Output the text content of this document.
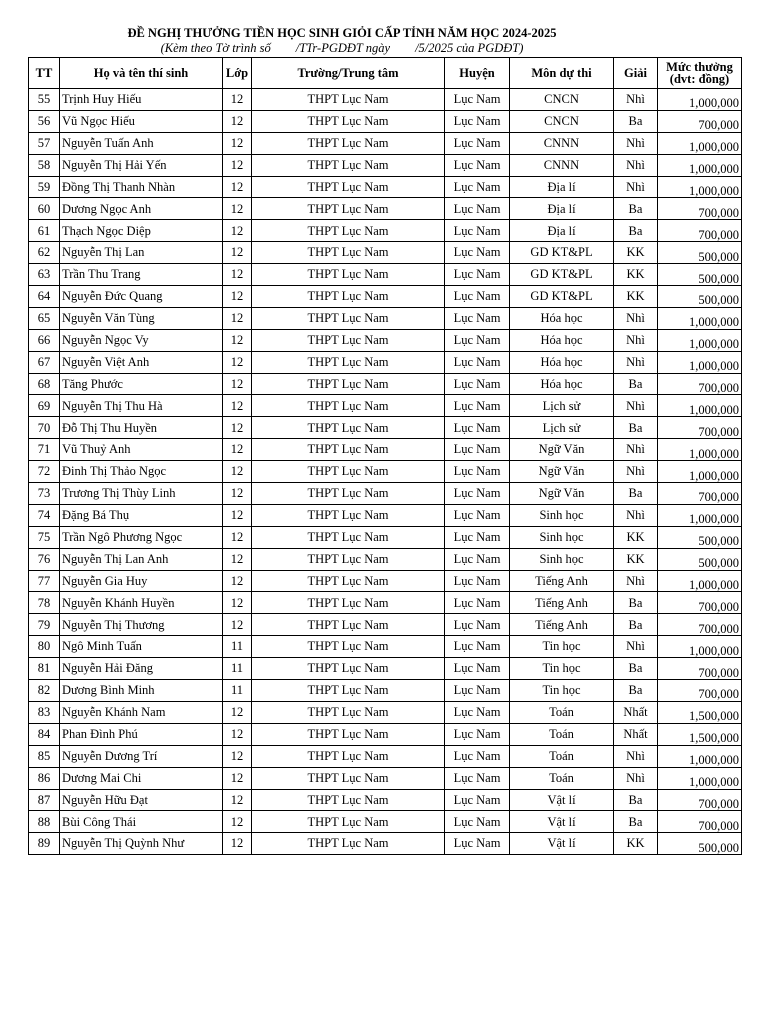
ĐỀ NGHỊ THƯỞNG TIỀN HỌC SINH GIỎI CẤP TỈNH NĂM HỌC 2024-2025
(Kèm theo Tờ trình số        /TTr-PGDĐT ngày        /5/2025 của PGDĐT)
TT	Họ và tên thí sinh	Lớp	Trường/Trung tâm	Huyện	Môn dự thi	Giải	Mức thưởng
(dvt: đồng)

55	Trịnh Huy Hiếu	12	THPT Lục Nam	Lục Nam	CNCN	Nhì	1,000,000
56	Vũ Ngọc Hiếu	12	THPT Lục Nam	Lục Nam	CNCN	Ba	700,000
57	Nguyễn Tuấn Anh	12	THPT Lục Nam	Lục Nam	CNNN	Nhì	1,000,000
58	Nguyễn Thị Hải Yến	12	THPT Lục Nam	Lục Nam	CNNN	Nhì	1,000,000
59	Đồng Thị Thanh Nhàn	12	THPT Lục Nam	Lục Nam	Địa lí	Nhì	1,000,000
60	Dương Ngọc Anh	12	THPT Lục Nam	Lục Nam	Địa lí	Ba	700,000
61	Thạch Ngọc Diệp	12	THPT Lục Nam	Lục Nam	Địa lí	Ba	700,000
62	Nguyễn Thị Lan	12	THPT Lục Nam	Lục Nam	GD KT&PL	KK	500,000
63	Trần Thu Trang	12	THPT Lục Nam	Lục Nam	GD KT&PL	KK	500,000
64	Nguyễn Đức Quang	12	THPT Lục Nam	Lục Nam	GD KT&PL	KK	500,000
65	Nguyễn Văn Tùng	12	THPT Lục Nam	Lục Nam	Hóa học	Nhì	1,000,000
66	Nguyễn Ngọc Vy	12	THPT Lục Nam	Lục Nam	Hóa học	Nhì	1,000,000
67	Nguyễn Việt Anh	12	THPT Lục Nam	Lục Nam	Hóa học	Nhì	1,000,000
68	Tăng Phước	12	THPT Lục Nam	Lục Nam	Hóa học	Ba	700,000
69	Nguyễn Thị Thu Hà	12	THPT Lục Nam	Lục Nam	Lịch sử	Nhì	1,000,000
70	Đỗ Thị Thu Huyền	12	THPT Lục Nam	Lục Nam	Lịch sử	Ba	700,000
71	Vũ Thuỷ Anh	12	THPT Lục Nam	Lục Nam	Ngữ Văn	Nhì	1,000,000
72	Đinh Thị Thảo Ngọc	12	THPT Lục Nam	Lục Nam	Ngữ Văn	Nhì	1,000,000
73	Trương Thị Thùy Linh	12	THPT Lục Nam	Lục Nam	Ngữ Văn	Ba	700,000
74	Đặng Bá Thụ	12	THPT Lục Nam	Lục Nam	Sinh học	Nhì	1,000,000
75	Trần Ngô Phương Ngọc	12	THPT Lục Nam	Lục Nam	Sinh học	KK	500,000
76	Nguyễn Thị Lan Anh	12	THPT Lục Nam	Lục Nam	Sinh học	KK	500,000
77	Nguyễn Gia Huy	12	THPT Lục Nam	Lục Nam	Tiếng Anh	Nhì	1,000,000
78	Nguyễn Khánh Huyền	12	THPT Lục Nam	Lục Nam	Tiếng Anh	Ba	700,000
79	Nguyễn Thị Thương	12	THPT Lục Nam	Lục Nam	Tiếng Anh	Ba	700,000
80	Ngô Minh Tuấn	11	THPT Lục Nam	Lục Nam	Tin học	Nhì	1,000,000
81	Nguyễn Hải Đăng	11	THPT Lục Nam	Lục Nam	Tin học	Ba	700,000
82	Dương Bình Minh	11	THPT Lục Nam	Lục Nam	Tin học	Ba	700,000
83	Nguyễn Khánh Nam	12	THPT Lục Nam	Lục Nam	Toán	Nhất	1,500,000
84	Phan Đình Phú	12	THPT Lục Nam	Lục Nam	Toán	Nhất	1,500,000
85	Nguyễn Dương Trí	12	THPT Lục Nam	Lục Nam	Toán	Nhì	1,000,000
86	Dương Mai Chi	12	THPT Lục Nam	Lục Nam	Toán	Nhì	1,000,000
87	Nguyễn Hữu Đạt	12	THPT Lục Nam	Lục Nam	Vật lí	Ba	700,000
88	Bùi Công Thái	12	THPT Lục Nam	Lục Nam	Vật lí	Ba	700,000
89	Nguyễn Thị Quỳnh Như	12	THPT Lục Nam	Lục Nam	Vật lí	KK	500,000
